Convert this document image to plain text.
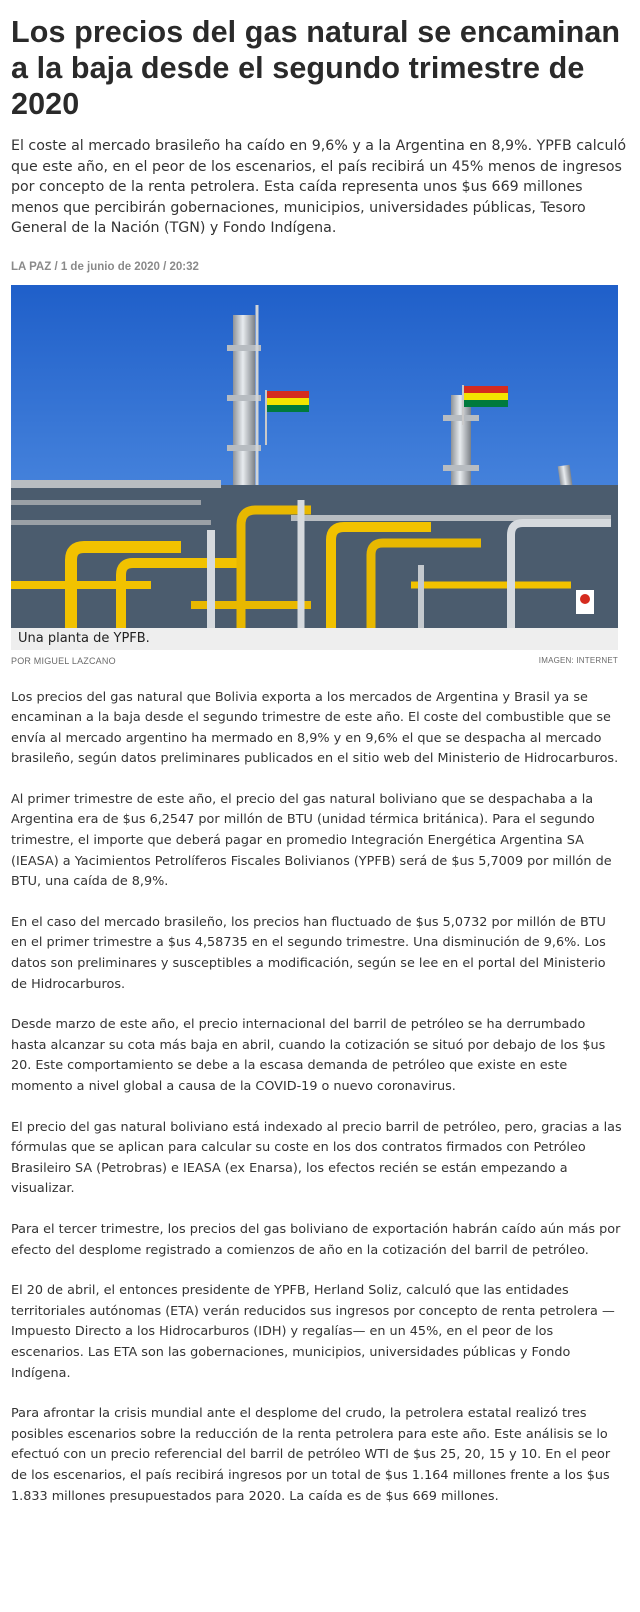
Los precios del gas natural se encaminan a la baja desde el segundo trimestre de 2020

El coste al mercado brasileño ha caído en 9,6% y a la Argentina en 8,9%. YPFB calculó que este año, en el peor de los escenarios, el país recibirá un 45% menos de ingresos por concepto de la renta petrolera. Esta caída representa unos $us 669 millones menos que percibirán gobernaciones, municipios, universidades públicas, Tesoro General de la Nación (TGN) y Fondo Indígena.

LA PAZ / 1 de junio de 2020 / 20:32
Una planta de YPFB.
POR MIGUEL LAZCANO	IMAGEN: INTERNET

Los precios del gas natural que Bolivia exporta a los mercados de Argentina y Brasil ya se encaminan a la baja desde el segundo trimestre de este año. El coste del combustible que se envía al mercado argentino ha mermado en 8,9% y en 9,6% el que se despacha al mercado brasileño, según datos preliminares publicados en el sitio web del Ministerio de Hidrocarburos.

Al primer trimestre de este año, el precio del gas natural boliviano que se despachaba a la Argentina era de $us 6,2547 por millón de BTU (unidad térmica británica). Para el segundo trimestre, el importe que deberá pagar en promedio Integración Energética Argentina SA (IEASA) a Yacimientos Petrolíferos Fiscales Bolivianos (YPFB) será de $us 5,7009 por millón de BTU, una caída de 8,9%.

En el caso del mercado brasileño, los precios han fluctuado de $us 5,0732 por millón de BTU en el primer trimestre a $us 4,58735 en el segundo trimestre. Una disminución de 9,6%. Los datos son preliminares y susceptibles a modificación, según se lee en el portal del Ministerio de Hidrocarburos.

Desde marzo de este año, el precio internacional del barril de petróleo se ha derrumbado hasta alcanzar su cota más baja en abril, cuando la cotización se situó por debajo de los $us 20. Este comportamiento se debe a la escasa demanda de petróleo que existe en este momento a nivel global a causa de la COVID-19 o nuevo coronavirus.

El precio del gas natural boliviano está indexado al precio barril de petróleo, pero, gracias a las fórmulas que se aplican para calcular su coste en los dos contratos firmados con Petróleo Brasileiro SA (Petrobras) e IEASA (ex Enarsa), los efectos recién se están empezando a visualizar.

Para el tercer trimestre, los precios del gas boliviano de exportación habrán caído aún más por efecto del desplome registrado a comienzos de año en la cotización del barril de petróleo.

El 20 de abril, el entonces presidente de YPFB, Herland Soliz, calculó que las entidades territoriales autónomas (ETA) verán reducidos sus ingresos por concepto de renta petrolera —Impuesto Directo a los Hidrocarburos (IDH) y regalías— en un 45%, en el peor de los escenarios. Las ETA son las gobernaciones, municipios, universidades públicas y Fondo Indígena.

Para afrontar la crisis mundial ante el desplome del crudo, la petrolera estatal realizó tres posibles escenarios sobre la reducción de la renta petrolera para este año. Este análisis se lo efectuó con un precio referencial del barril de petróleo WTI de $us 25, 20, 15 y 10. En el peor de los escenarios, el país recibirá ingresos por un total de $us 1.164 millones frente a los $us 1.833 millones presupuestados para 2020. La caída es de $us 669 millones.
